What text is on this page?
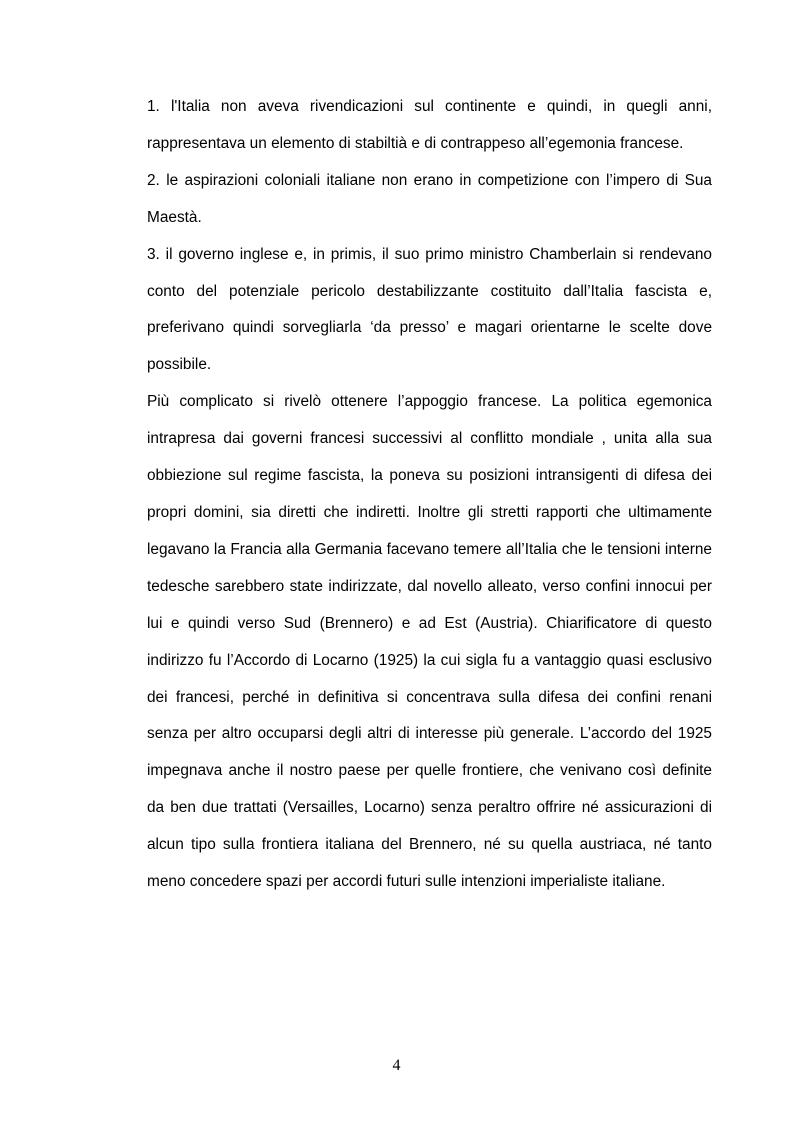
1. l'Italia non aveva rivendicazioni sul continente e quindi, in quegli anni, rappresentava un elemento di stabiltià e di contrappeso all’egemonia francese.

2. le aspirazioni coloniali italiane non erano in competizione con l’impero di Sua Maestà.

3. il governo inglese e, in primis, il suo primo ministro Chamberlain si rendevano conto del potenziale pericolo destabilizzante costituito dall’Italia fascista e, preferivano quindi sorvegliarla ‘da presso’ e magari orientarne le scelte dove possibile.

Più complicato si rivelò ottenere l’appoggio francese. La politica egemonica intrapresa dai governi francesi successivi al conflitto mondiale , unita alla sua obbiezione sul regime fascista, la poneva su posizioni intransigenti di difesa dei propri domini, sia diretti che indiretti. Inoltre gli stretti rapporti che ultimamente legavano la Francia alla Germania facevano temere all’Italia che le tensioni interne tedesche sarebbero state indirizzate, dal novello alleato, verso confini innocui per lui e quindi verso Sud (Brennero) e ad Est (Austria). Chiarificatore di questo indirizzo fu l’Accordo di Locarno (1925) la cui sigla fu a vantaggio quasi esclusivo dei francesi, perché in definitiva si concentrava sulla difesa dei confini renani senza per altro occuparsi degli altri di interesse più generale. L’accordo del 1925 impegnava anche il nostro paese per quelle frontiere, che venivano così definite da ben due trattati (Versailles, Locarno) senza peraltro offrire né assicurazioni di alcun tipo sulla frontiera italiana del Brennero, né su quella austriaca, né tanto meno concedere spazi per accordi futuri sulle intenzioni imperialiste italiane.

4
